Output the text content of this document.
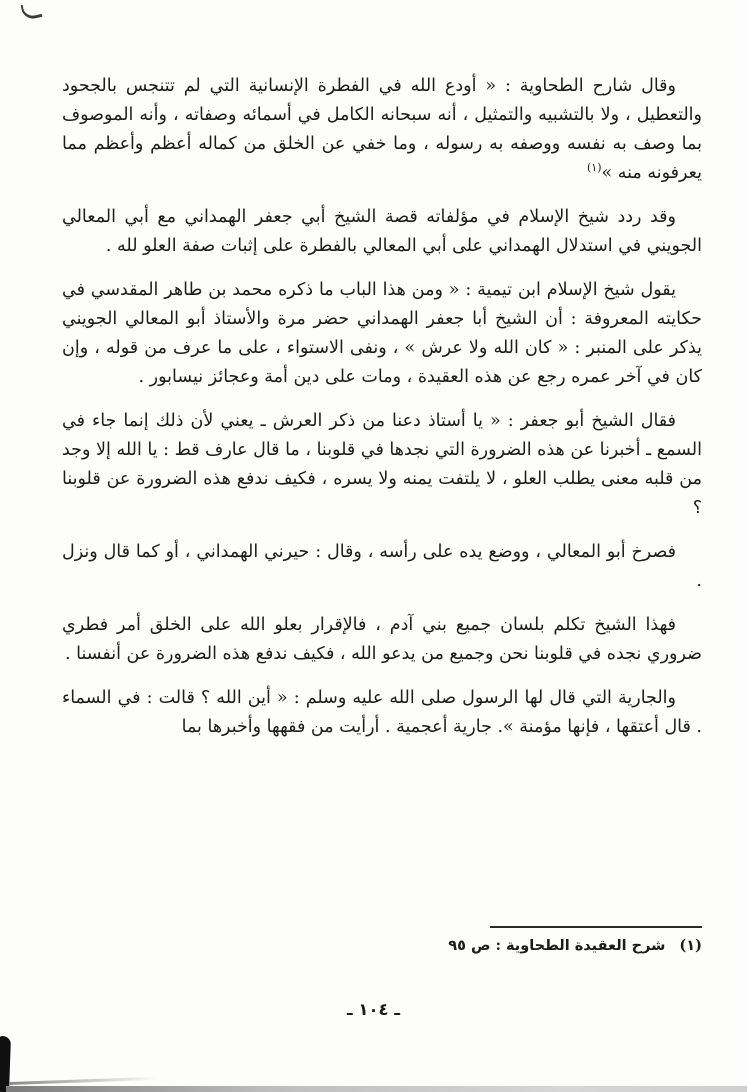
وقال شارح الطحاوية : « أودع الله في الفطرة الإنسانية التي لم تتنجس بالجحود والتعطيل ، ولا بالتشبيه والتمثيل ، أنه سبحانه الكامل في أسمائه وصفاته ، وأنه الموصوف بما وصف به نفسه ووصفه به رسوله ، وما خفي عن الخلق من كماله أعظم وأعظم مما يعرفونه منه »$^{(١)}$

وقد ردد شيخ الإسلام في مؤلفاته قصة الشيخ أبي جعفر الهمداني مع أبي المعالي الجويني في استدلال الهمداني على أبي المعالي بالفطرة على إثبات صفة العلو لله .

يقول شيخ الإسلام ابن تيمية : « ومن هذا الباب ما ذكره محمد بن طاهر المقدسي في حكايته المعروفة : أن الشيخ أبا جعفر الهمداني حضر مرة والأستاذ أبو المعالي الجويني يذكر على المنبر : « كان الله ولا عرش » ، ونفى الاستواء ، على ما عرف من قوله ، وإن كان في آخر عمره رجع عن هذه العقيدة ، ومات على دين أمة وعجائز نيسابور .

فقال الشيخ أبو جعفر : « يا أستاذ دعنا من ذكر العرش ـ يعني لأن ذلك إنما جاء في السمع ـ أخبرنا عن هذه الضرورة التي نجدها في قلوبنا ، ما قال عارف قط : يا الله إلا وجد من قلبه معنى يطلب العلو ، لا يلتفت يمنه ولا يسره ، فكيف ندفع هذه الضرورة عن قلوبنا ؟

فصرخ أبو المعالي ، ووضع يده على رأسه ، وقال : حيرني الهمداني ، أو كما قال ونزل .

فهذا الشيخ تكلم بلسان جميع بني آدم ، فالإقرار بعلو الله على الخلق أمر فطري ضروري نجده في قلوبنا نحن وجميع من يدعو الله ، فكيف ندفع هذه الضرورة عن أنفسنا .

والجارية التي قال لها الرسول صلى الله عليه وسلم : « أين الله ؟ قالت : في السماء . قال أعتقها ، فإنها مؤمنة ». جارية أعجمية . أرأيت من فقهها وأخبرها بما

(١)شرح العقيدة الطحاوية : ص ٩٥
ـ ١٠٤ ـ
